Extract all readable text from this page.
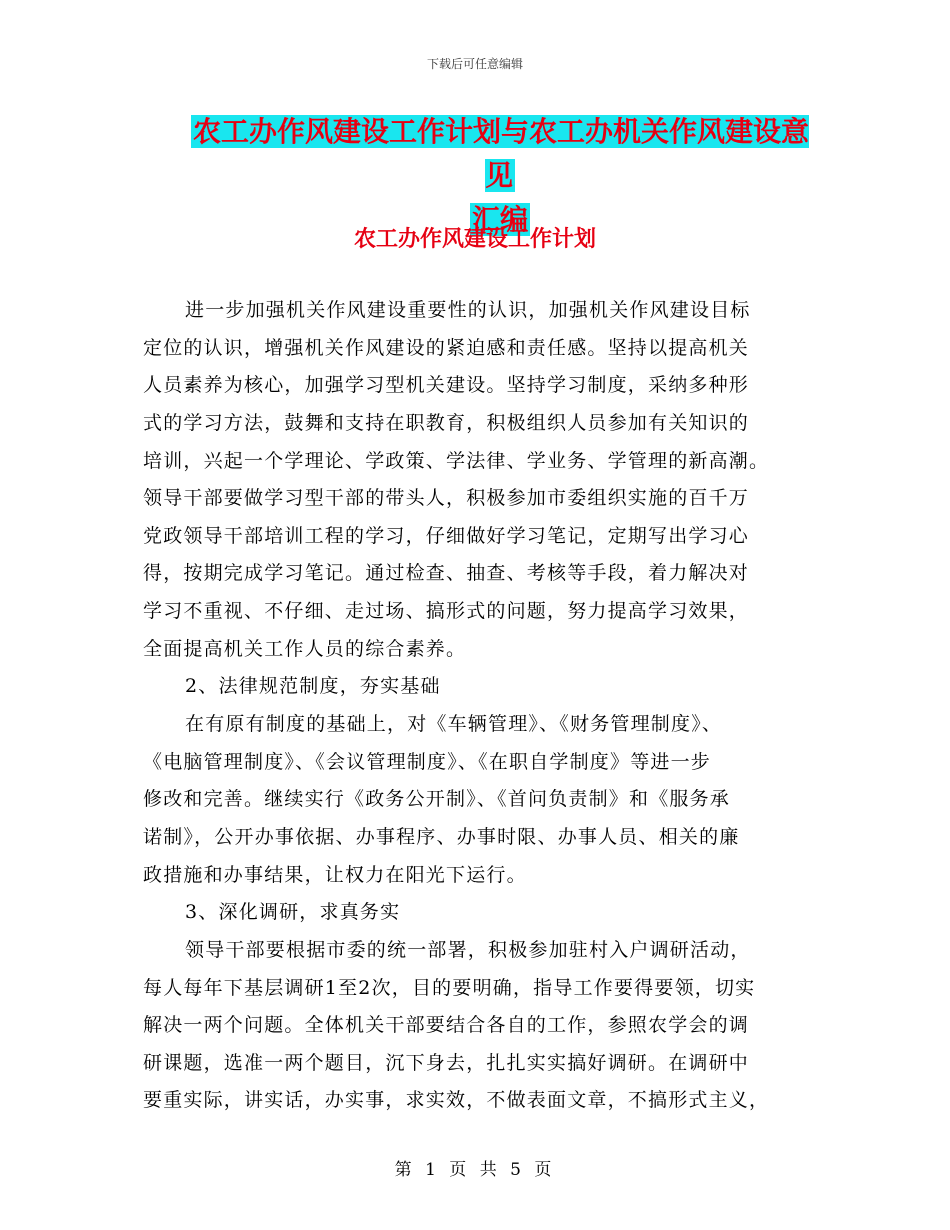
下载后可任意编辑
农工办作风建设工作计划与农工办机关作风建设意见
汇编
农工办作风建设工作计划
进一步加强机关作风建设重要性的认识，加强机关作风建设目标
定位的认识，增强机关作风建设的紧迫感和责任感。坚持以提高机关
人员素养为核心，加强学习型机关建设。坚持学习制度，采纳多种形
式的学习方法，鼓舞和支持在职教育，积极组织人员参加有关知识的
培训，兴起一个学理论、学政策、学法律、学业务、学管理的新高潮。
领导干部要做学习型干部的带头人，积极参加市委组织实施的百千万
党政领导干部培训工程的学习，仔细做好学习笔记，定期写出学习心
得，按期完成学习笔记。通过检查、抽查、考核等手段，着力解决对
学习不重视、不仔细、走过场、搞形式的问题，努力提高学习效果，
全面提高机关工作人员的综合素养。
2、法律规范制度，夯实基础
在有原有制度的基础上，对《车辆管理》、《财务管理制度》、
《电脑管理制度》、《会议管理制度》、《在职自学制度》等进一步
修改和完善。继续实行《政务公开制》、《首问负责制》和《服务承
诺制》，公开办事依据、办事程序、办事时限、办事人员、相关的廉
政措施和办事结果，让权力在阳光下运行。
3、深化调研，求真务实
领导干部要根据市委的统一部署，积极参加驻村入户调研活动，
每人每年下基层调研1至2次，目的要明确，指导工作要得要领，切实
解决一两个问题。全体机关干部要结合各自的工作，参照农学会的调
研课题，选准一两个题目，沉下身去，扎扎实实搞好调研。在调研中
要重实际，讲实话，办实事，求实效，不做表面文章，不搞形式主义，
第 1 页 共 5 页
